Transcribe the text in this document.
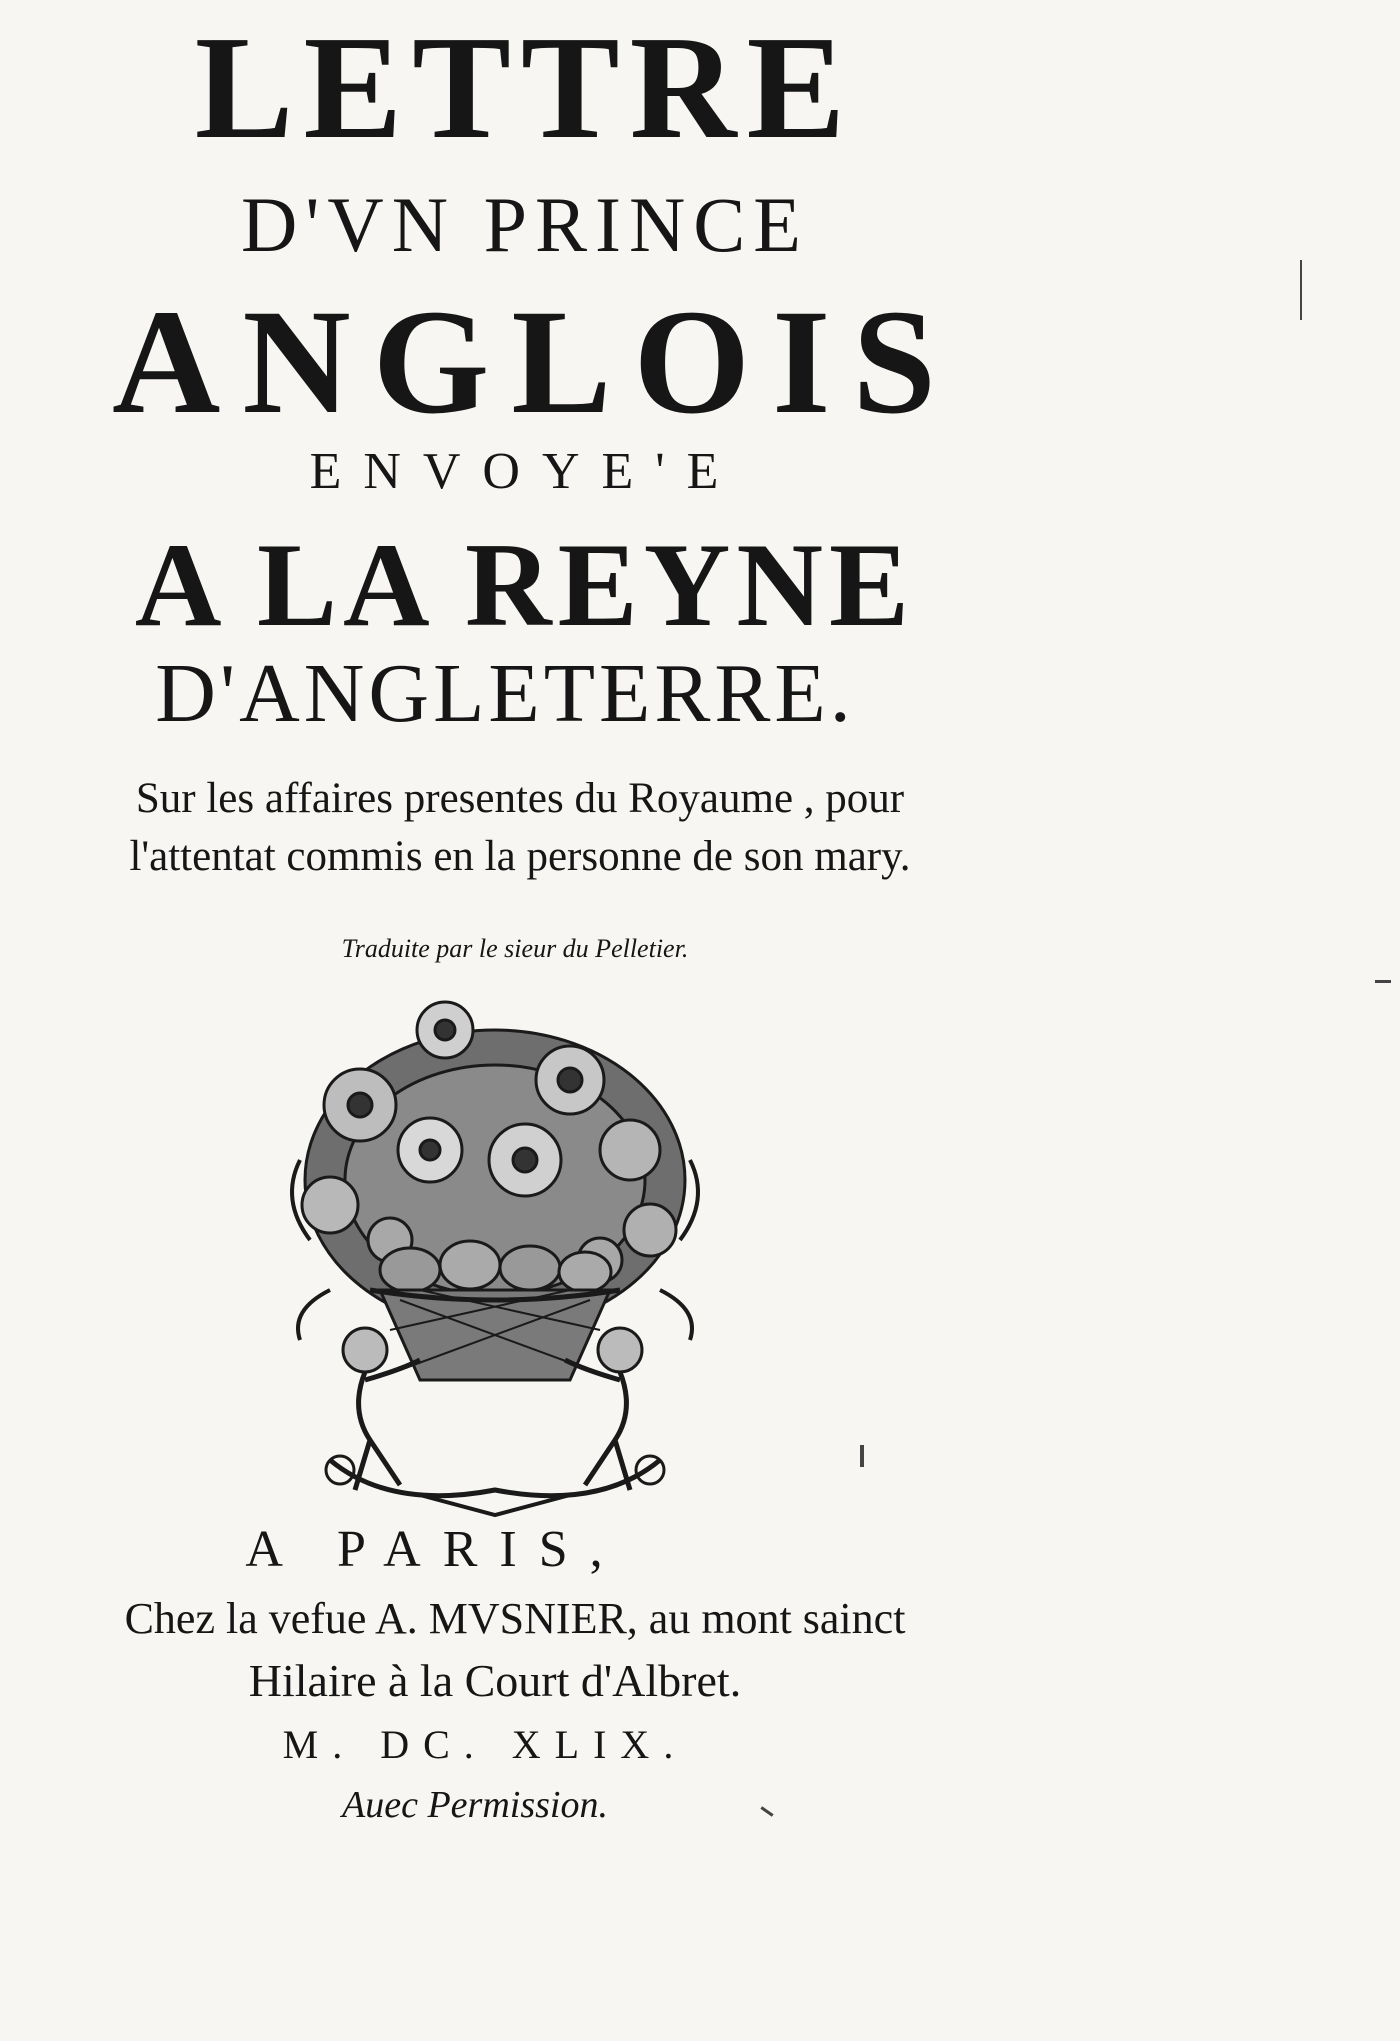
LETTRE
D'VN PRINCE
ANGLOIS
ENVOYE'E
A LA REYNE
D'ANGLETERRE.
Sur les affaires presentes du Royaume , pour
l'attentat commis en la personne de son mary.
Traduite par le sieur du Pelletier.
A PARIS,
Chez la vefue A. MVSNIER, au mont sainct
Hilaire à la Court d'Albret.
M. DC. XLIX.
Auec Permission.
